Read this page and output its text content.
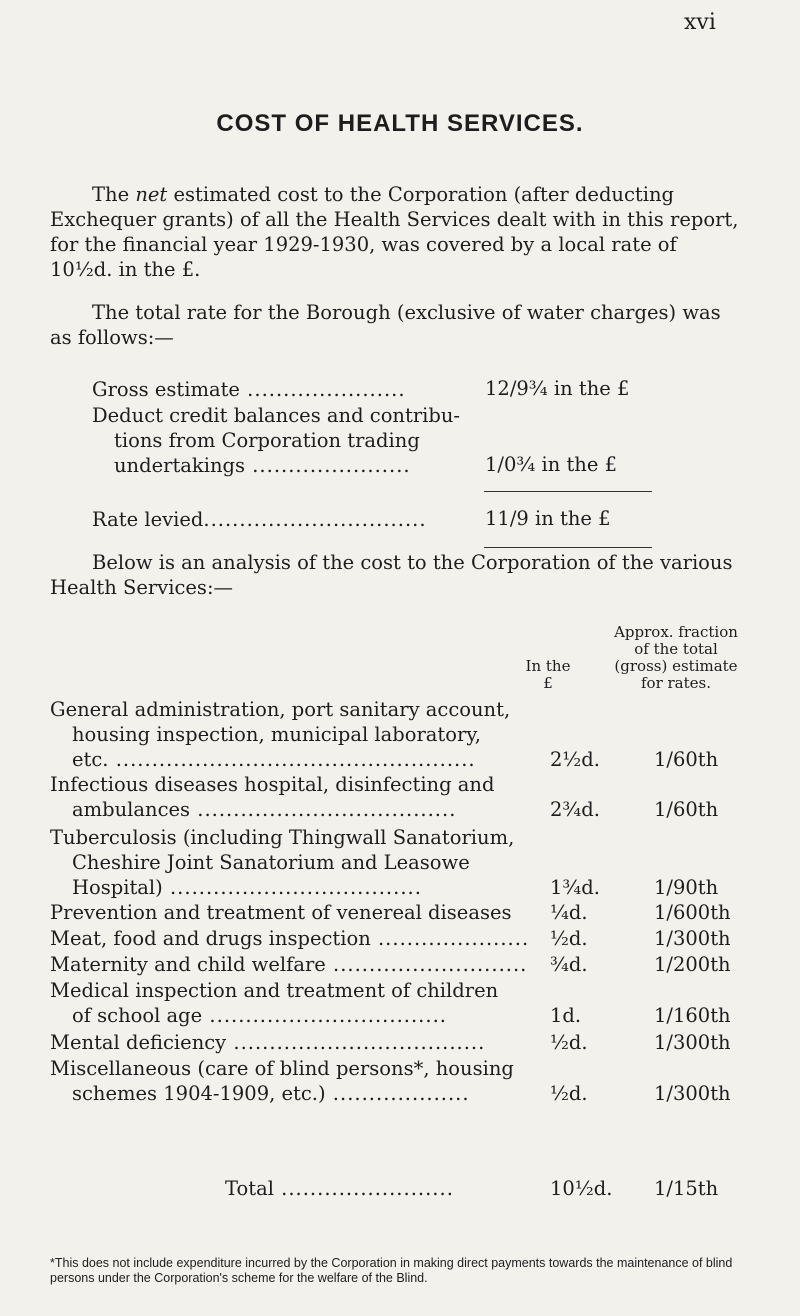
xvi
COST OF HEALTH SERVICES.

The net estimated cost to the Corporation (after deducting Exchequer grants) of all the Health Services dealt with in this report, for the financial year 1929-1930, was covered by a local rate of 10½d. in the £.

The total rate for the Borough (exclusive of water charges) was as follows:—

Gross estimate ......................	12/9¾ in the £
Deduct credit balances and contribu-
tions from Corporation trading
undertakings ......................	1/0¾ in the £
Rate levied...............................	11/9 in the £

Below is an analysis of the cost to the Corporation of the various Health Services:—

Approx. fraction
of the total
(gross) estimate
for rates.
In the
£
General administration, port sanitary account,

housing inspection, municipal laboratory,
etc. ..................................................	2½d.	1/60th
Infectious diseases hospital, disinfecting and

ambulances ....................................	2¾d.	1/60th
Tuberculosis (including Thingwall Sanatorium,

Cheshire Joint Sanatorium and Leasowe
Hospital) ...................................	1¾d.	1/90th
Prevention and treatment of venereal diseases	¼d.	1/600th
Meat, food and drugs inspection .....................	½d.	1/300th
Maternity and child welfare ...........................	¾d.	1/200th
Medical inspection and treatment of children

of school age .................................	1d.	1/160th
Mental deficiency ...................................	½d.	1/300th
Miscellaneous (care of blind persons*, housing

schemes 1904-1909, etc.) ...................	½d.	1/300th
Total ........................	10½d. 1/15th

*This does not include expenditure incurred by the Corporation in making direct payments towards the maintenance of blind persons under the Corporation's scheme for the welfare of the Blind.
